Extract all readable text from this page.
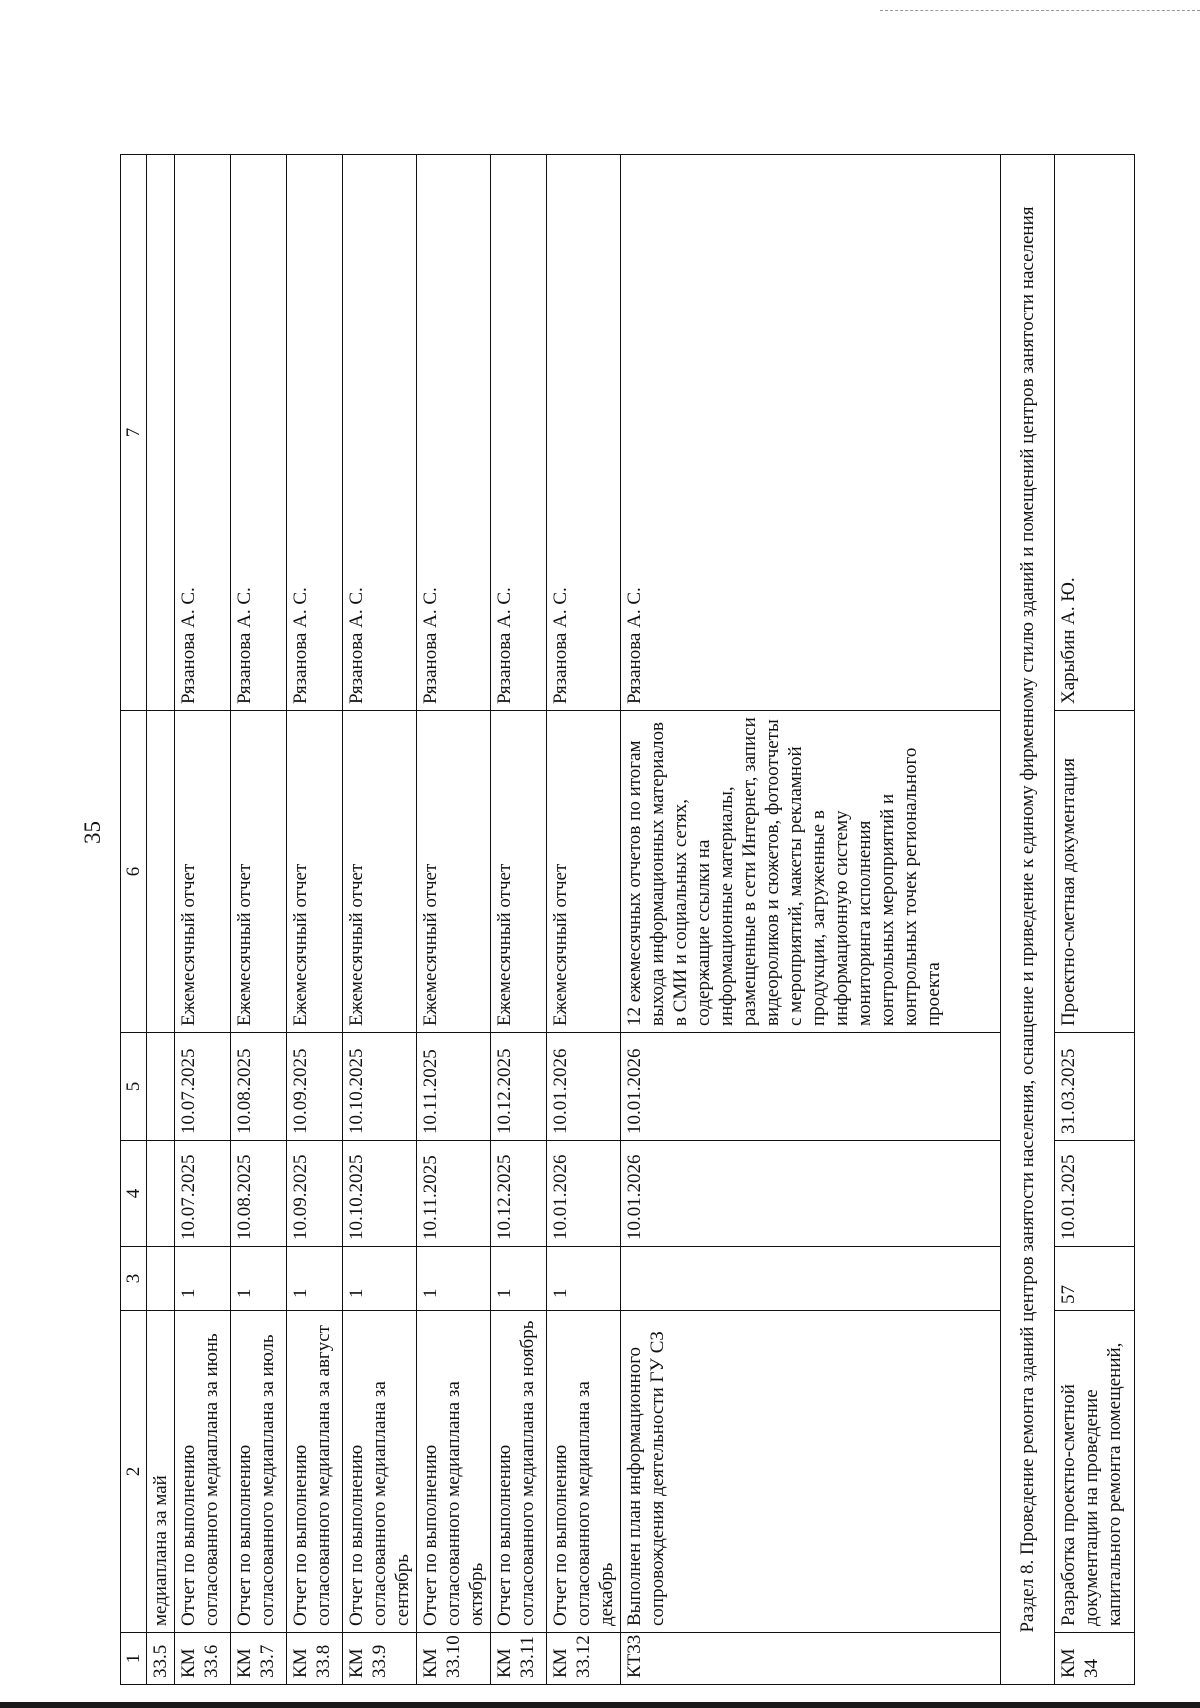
35
1	2	3	4	5	6	7
33.5	медиаплана за май					
КМ 33.6	Отчет по выполнению согласованного медиаплана за июнь	1	10.07.2025	10.07.2025	Ежемесячный отчет	Рязанова А. С.
КМ 33.7	Отчет по выполнению согласованного медиаплана за июль	1	10.08.2025	10.08.2025	Ежемесячный отчет	Рязанова А. С.
КМ 33.8	Отчет по выполнению согласованного медиаплана за август	1	10.09.2025	10.09.2025	Ежемесячный отчет	Рязанова А. С.
КМ 33.9	Отчет по выполнению согласованного медиаплана за сентябрь	1	10.10.2025	10.10.2025	Ежемесячный отчет	Рязанова А. С.
КМ 33.10	Отчет по выполнению согласованного медиаплана за октябрь	1	10.11.2025	10.11.2025	Ежемесячный отчет	Рязанова А. С.
КМ 33.11	Отчет по выполнению согласованного медиаплана за ноябрь	1	10.12.2025	10.12.2025	Ежемесячный отчет	Рязанова А. С.
КМ 33.12	Отчет по выполнению согласованного медиаплана за декабрь	1	10.01.2026	10.01.2026	Ежемесячный отчет	Рязанова А. С.
КТ33	Выполнен план информационного сопровождения деятельности ГУ СЗ		10.01.2026	10.01.2026	12 ежемесячных отчетов по итогам выхода информационных материалов в СМИ и социальных сетях, содержащие ссылки на информационные материалы, размещенные в сети Интернет, записи видеороликов и сюжетов, фотоотчеты с мероприятий, макеты рекламной продукции, загруженные в информационную систему мониторинга исполнения контрольных мероприятий и контрольных точек регионального проекта	Рязанова А. С.
Раздел 8. Проведение ремонта зданий центров занятости населения, оснащение и приведение к единому фирменному стилю зданий и помещений центров занятости населения						
КМ 34	Разработка проектно-сметной документации на проведение капитального ремонта помещений,	57	10.01.2025	31.03.2025	Проектно-сметная документация	Харыбин А. Ю.
